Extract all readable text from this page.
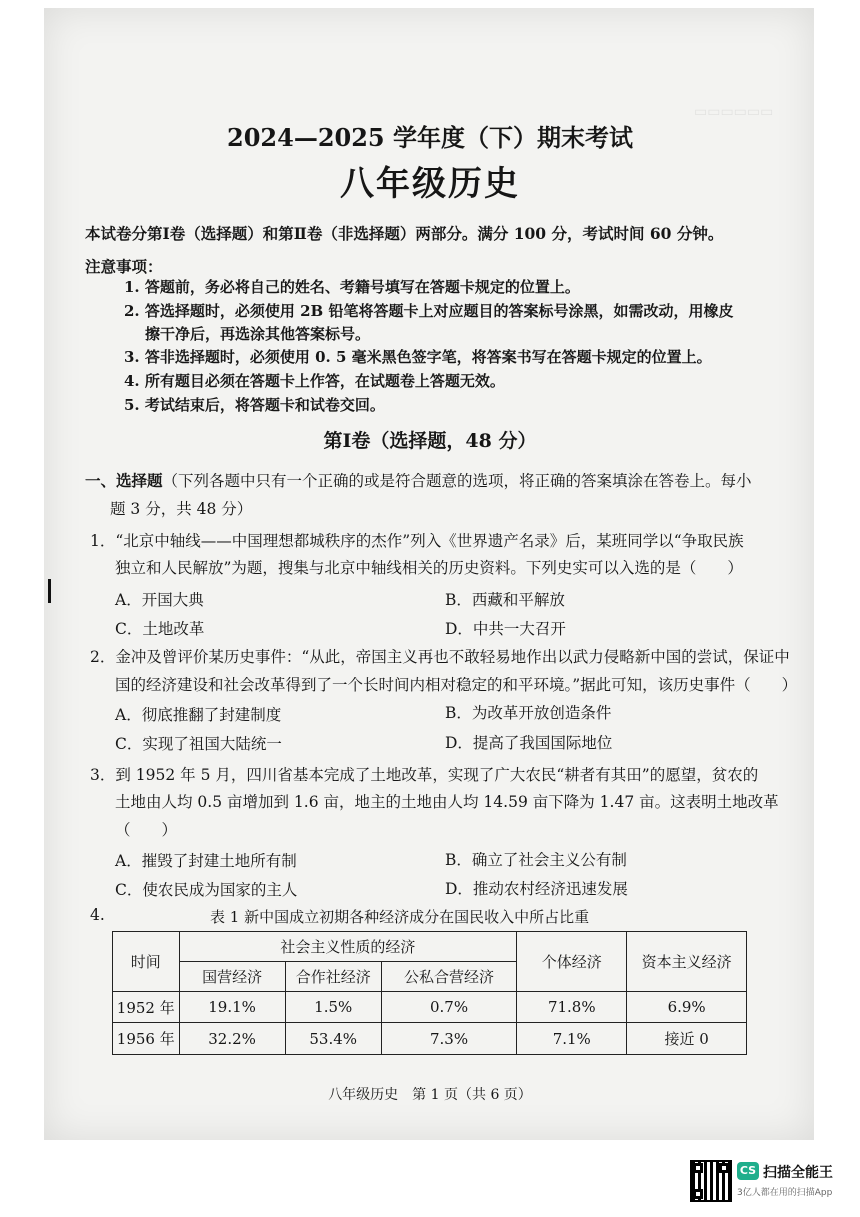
▭▭▭▭▭▭
2024—2025 学年度（下）期末考试
八年级历史
本试卷分第Ⅰ卷（选择题）和第Ⅱ卷（非选择题）两部分。满分 100 分，考试时间 60 分钟。
注意事项：
1. 答题前，务必将自己的姓名、考籍号填写在答题卡规定的位置上。
2. 答选择题时，必须使用 2B 铅笔将答题卡上对应题目的答案标号涂黑，如需改动，用橡皮
擦干净后，再选涂其他答案标号。
3. 答非选择题时，必须使用 0. 5 毫米黑色签字笔，将答案书写在答题卡规定的位置上。
4. 所有题目必须在答题卡上作答，在试题卷上答题无效。
5. 考试结束后，将答题卡和试卷交回。
第Ⅰ卷（选择题，48 分）
一、选择题（下列各题中只有一个正确的或是符合题意的选项，将正确的答案填涂在答卷上。每小
题 3 分，共 48 分）
1．“北京中轴线——中国理想都城秩序的杰作”列入《世界遗产名录》后，某班同学以“争取民族
独立和人民解放”为题，搜集与北京中轴线相关的历史资料。下列史实可以入选的是（　　）
A．开国大典	B．西藏和平解放
C．土地改革	D．中共一大召开
2．金冲及曾评价某历史事件：“从此，帝国主义再也不敢轻易地作出以武力侵略新中国的尝试，保证中
国的经济建设和社会改革得到了一个长时间内相对稳定的和平环境。”据此可知，该历史事件（　　）
A．彻底推翻了封建制度	B．为改革开放创造条件
C．实现了祖国大陆统一	D．提高了我国国际地位
3．到 1952 年 5 月，四川省基本完成了土地改革，实现了广大农民“耕者有其田”的愿望，贫农的
土地由人均 0.5 亩增加到 1.6 亩，地主的土地由人均 14.59 亩下降为 1.47 亩。这表明土地改革
（　　）
A．摧毁了封建土地所有制	B．确立了社会主义公有制
C．使农民成为国家的主人	D．推动农村经济迅速发展
4.	表 1 新中国成立初期各种经济成分在国民收入中所占比重
时间	社会主义性质的经济			个体经济	资本主义经济
	国营经济	合作社经济	公私合营经济		
1952 年	19.1%	1.5%	0.7%	71.8%	6.9%
1956 年	32.2%	53.4%	7.3%	7.1%	接近 0
八年级历史　第 1 页（共 6 页）
CS 扫描全能王
3亿人都在用的扫描App
